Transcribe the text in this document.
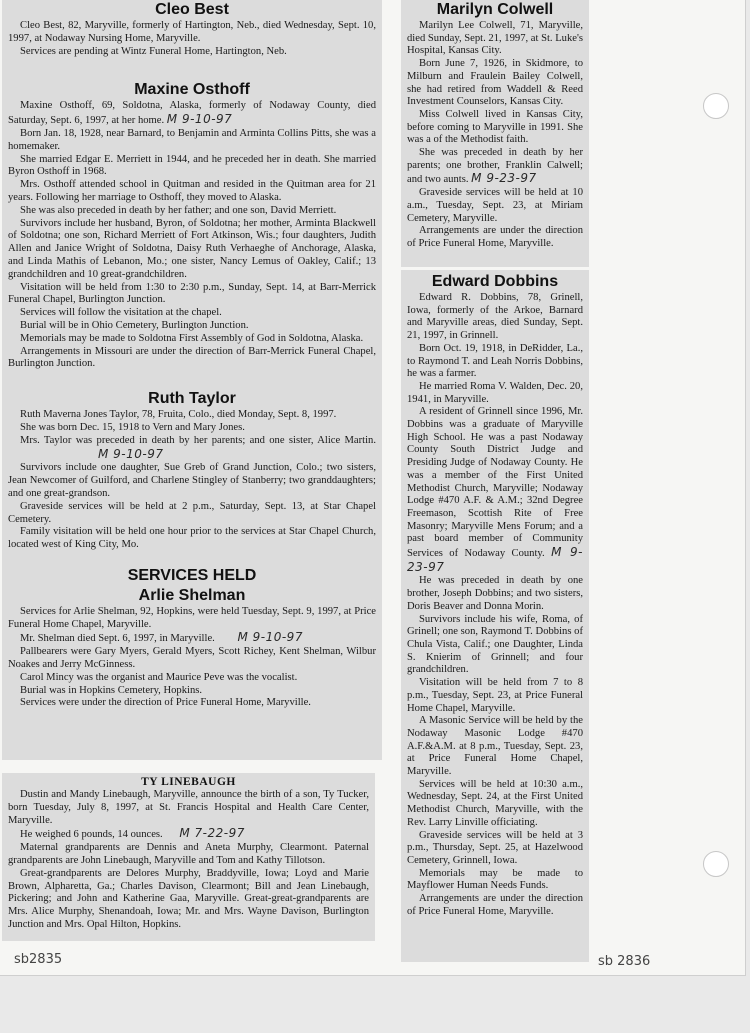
Cleo Best

Cleo Best, 82, Maryville, formerly of Hartington, Neb., died Wednesday, Sept. 10, 1997, at Nodaway Nursing Home, Maryville.

Services are pending at Wintz Funeral Home, Hartington, Neb.

Maxine Osthoff

Maxine Osthoff, 69, Soldotna, Alaska, formerly of Nodaway County, died Saturday, Sept. 6, 1997, at her home. M 9-10-97

Born Jan. 18, 1928, near Barnard, to Benjamin and Arminta Collins Pitts, she was a homemaker.

She married Edgar E. Merriett in 1944, and he preceded her in death. She married Byron Osthoff in 1968.

Mrs. Osthoff attended school in Quitman and resided in the Quitman area for 21 years. Following her marriage to Osthoff, they moved to Alaska.

She was also preceded in death by her father; and one son, David Merriett.

Survivors include her husband, Byron, of Soldotna; her mother, Arminta Blackwell of Soldotna; one son, Richard Merriett of Fort Atkinson, Wis.; four daughters, Judith Allen and Janice Wright of Soldotna, Daisy Ruth Verhaeghe of Anchorage, Alaska, and Linda Mathis of Lebanon, Mo.; one sister, Nancy Lemus of Oakley, Calif.; 13 grandchildren and 10 great-grandchildren.

Visitation will be held from 1:30 to 2:30 p.m., Sunday, Sept. 14, at Barr-Merrick Funeral Chapel, Burlington Junction.

Services will follow the visitation at the chapel.

Burial will be in Ohio Cemetery, Burlington Junction.

Memorials may be made to Soldotna First Assembly of God in Soldotna, Alaska.

Arrangements in Missouri are under the direction of Barr-Merrick Funeral Chapel, Burlington Junction.

Ruth Taylor

Ruth Maverna Jones Taylor, 78, Fruita, Colo., died Monday, Sept. 8, 1997.

She was born Dec. 15, 1918 to Vern and Mary Jones.

Mrs. Taylor was preceded in death by her parents; and one sister, Alice Martin. M 9-10-97

Survivors include one daughter, Sue Greb of Grand Junction, Colo.; two sisters, Jean Newcomer of Guilford, and Charlene Stingley of Stanberry; two granddaughters; and one great-grandson.

Graveside services will be held at 2 p.m., Saturday, Sept. 13, at Star Chapel Cemetery.

Family visitation will be held one hour prior to the services at Star Chapel Church, located west of King City, Mo.

SERVICES HELD
Arlie Shelman

Services for Arlie Shelman, 92, Hopkins, were held Tuesday, Sept. 9, 1997, at Price Funeral Home Chapel, Maryville.

Mr. Shelman died Sept. 6, 1997, in Maryville. M 9-10-97

Pallbearers were Gary Myers, Gerald Myers, Scott Richey, Kent Shelman, Wilbur Noakes and Jerry McGinness.

Carol Mincy was the organist and Maurice Peve was the vocalist.

Burial was in Hopkins Cemetery, Hopkins.

Services were under the direction of Price Funeral Home, Maryville.

TY LINEBAUGH

Dustin and Mandy Linebaugh, Maryville, announce the birth of a son, Ty Tucker, born Tuesday, July 8, 1997, at St. Francis Hospital and Health Care Center, Maryville.

He weighed 6 pounds, 14 ounces. M 7-22-97

Maternal grandparents are Dennis and Aneta Murphy, Clearmont. Paternal grandparents are John Linebaugh, Maryville and Tom and Kathy Tillotson.

Great-grandparents are Delores Murphy, Braddyville, Iowa; Loyd and Marie Brown, Alpharetta, Ga.; Charles Davison, Clearmont; Bill and Jean Linebaugh, Pickering; and John and Katherine Gaa, Maryville. Great-great-grandparents are Mrs. Alice Murphy, Shenandoah, Iowa; Mr. and Mrs. Wayne Davison, Burlington Junction and Mrs. Opal Hilton, Hopkins.

Marilyn Colwell

Marilyn Lee Colwell, 71, Maryville, died Sunday, Sept. 21, 1997, at St. Luke's Hospital, Kansas City.

Born June 7, 1926, in Skidmore, to Milburn and Fraulein Bailey Colwell, she had retired from Waddell & Reed Investment Counselors, Kansas City.

Miss Colwell lived in Kansas City, before coming to Maryville in 1991. She was a of the Methodist faith.

She was preceded in death by her parents; one brother, Franklin Calwell; and two aunts. M 9-23-97

Graveside services will be held at 10 a.m., Tuesday, Sept. 23, at Miriam Cemetery, Maryville.

Arrangements are under the direction of Price Funeral Home, Maryville.

Edward Dobbins

Edward R. Dobbins, 78, Grinell, Iowa, formerly of the Arkoe, Barnard and Maryville areas, died Sunday, Sept. 21, 1997, in Grinnell.

Born Oct. 19, 1918, in DeRidder, La., to Raymond T. and Leah Norris Dobbins, he was a farmer.

He married Roma V. Walden, Dec. 20, 1941, in Maryville.

A resident of Grinnell since 1996, Mr. Dobbins was a graduate of Maryville High School. He was a past Nodaway County South District Judge and Presiding Judge of Nodaway County. He was a member of the First United Methodist Church, Maryville; Nodaway Lodge #470 A.F. & A.M.; 32nd Degree Freemason, Scottish Rite of Free Masonry; Maryville Mens Forum; and a past board member of Community Services of Nodaway County. M 9-23-97

He was preceded in death by one brother, Joseph Dobbins; and two sisters, Doris Beaver and Donna Morin.

Survivors include his wife, Roma, of Grinell; one son, Raymond T. Dobbins of Chula Vista, Calif.; one Daughter, Linda S. Knierim of Grinnell; and four grandchildren.

Visitation will be held from 7 to 8 p.m., Tuesday, Sept. 23, at Price Funeral Home Chapel, Maryville.

A Masonic Service will be held by the Nodaway Masonic Lodge #470 A.F.&A.M. at 8 p.m., Tuesday, Sept. 23, at Price Funeral Home Chapel, Maryville.

Services will be held at 10:30 a.m., Wednesday, Sept. 24, at the First United Methodist Church, Maryville, with the Rev. Larry Linville officiating.

Graveside services will be held at 3 p.m., Thursday, Sept. 25, at Hazelwood Cemetery, Grinnell, Iowa.

Memorials may be made to Mayflower Human Needs Funds.

Arrangements are under the direction of Price Funeral Home, Maryville.

sb2835	sb 2836
